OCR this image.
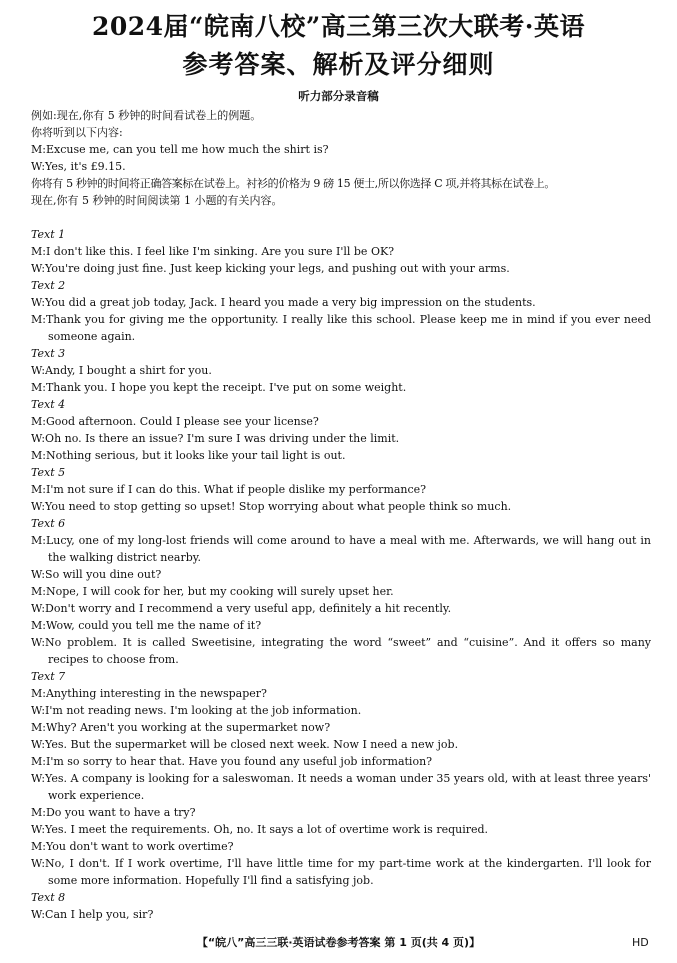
2024届“皖南八校”高三第三次大联考·英语
参考答案、解析及评分细则
听力部分录音稿
例如:现在,你有 5 秒钟的时间看试卷上的例题。
你将听到以下内容:
M:Excuse me, can you tell me how much the shirt is?
W:Yes, it's £9.15.
你将有 5 秒钟的时间将正确答案标在试卷上。衬衫的价格为 9 磅 15 便士,所以你选择 C 项,并将其标在试卷上。
现在,你有 5 秒钟的时间阅读第 1 小题的有关内容。
Text 1
M:I don't like this. I feel like I'm sinking. Are you sure I'll be OK?
W:You're doing just fine. Just keep kicking your legs, and pushing out with your arms.
Text 2
W:You did a great job today, Jack. I heard you made a very big impression on the students.
M:Thank you for giving me the opportunity. I really like this school. Please keep me in mind if you ever need someone again.
Text 3
W:Andy, I bought a shirt for you.
M:Thank you. I hope you kept the receipt. I've put on some weight.
Text 4
M:Good afternoon. Could I please see your license?
W:Oh no. Is there an issue? I'm sure I was driving under the limit.
M:Nothing serious, but it looks like your tail light is out.
Text 5
M:I'm not sure if I can do this. What if people dislike my performance?
W:You need to stop getting so upset! Stop worrying about what people think so much.
Text 6
M:Lucy, one of my long-lost friends will come around to have a meal with me. Afterwards, we will hang out in the walking district nearby.
W:So will you dine out?
M:Nope, I will cook for her, but my cooking will surely upset her.
W:Don't worry and I recommend a very useful app, definitely a hit recently.
M:Wow, could you tell me the name of it?
W:No problem. It is called Sweetisine, integrating the word “sweet” and “cuisine”. And it offers so many recipes to choose from.
Text 7
M:Anything interesting in the newspaper?
W:I'm not reading news. I'm looking at the job information.
M:Why? Aren't you working at the supermarket now?
W:Yes. But the supermarket will be closed next week. Now I need a new job.
M:I'm so sorry to hear that. Have you found any useful job information?
W:Yes. A company is looking for a saleswoman. It needs a woman under 35 years old, with at least three years' work experience.
M:Do you want to have a try?
W:Yes. I meet the requirements. Oh, no. It says a lot of overtime work is required.
M:You don't want to work overtime?
W:No, I don't. If I work overtime, I'll have little time for my part-time work at the kindergarten. I'll look for some more information. Hopefully I'll find a satisfying job.
Text 8
W:Can I help you, sir?
【“皖八”高三三联·英语试卷参考答案 第 1 页(共 4 页)】	HD
